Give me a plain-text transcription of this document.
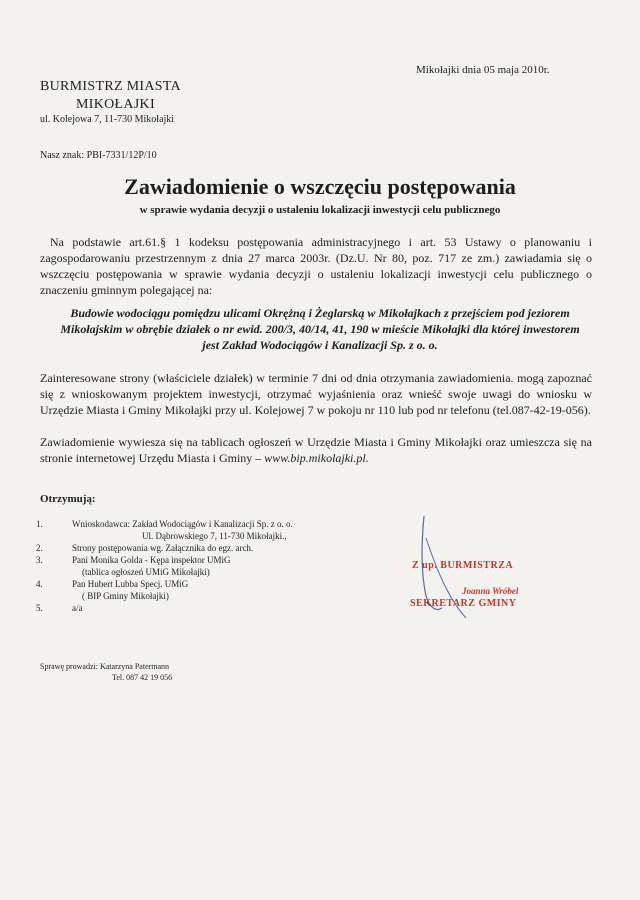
Mikołajki dnia 05 maja 2010r.
BURMISTRZ MIASTA
MIKOŁAJKI
ul. Kolejowa 7, 11-730 Mikołajki
Nasz znak: PBI-7331/12P/10
Zawiadomienie o wszczęciu postępowania
w sprawie wydania decyzji o ustaleniu lokalizacji inwestycji celu publicznego
Na podstawie art.61.§ 1 kodeksu postępowania administracyjnego i art. 53 Ustawy o planowaniu i zagospodarowaniu przestrzennym z dnia 27 marca 2003r. (Dz.U. Nr 80, poz. 717 ze zm.) zawiadamia się o wszczęciu postępowania w sprawie wydania decyzji o ustaleniu lokalizacji inwestycji celu publicznego o znaczeniu gminnym polegającej na:
Budowie wodociągu pomiędzu ulicami Okrężną i Żeglarską w Mikołajkach z przejściem pod jeziorem Mikołajskim w obrębie działek o nr ewid. 200/3, 40/14, 41, 190 w mieście Mikołajki dla której inwestorem jest Zakład Wodociągów i Kanalizacji Sp. z o. o.
Zainteresowane strony (właściciele działek) w terminie 7 dni od dnia otrzymania zawiadomienia. mogą zapoznać się z wnioskowanym projektem inwestycji, otrzymać wyjaśnienia oraz wnieść swoje uwagi do wniosku w Urzędzie Miasta i Gminy Mikołajki przy ul. Kolejowej 7 w pokoju nr 110 lub pod nr telefonu (tel.087-42-19-056).
Zawiadomienie wywiesza się na tablicach ogłoszeń w Urzędzie Miasta i Gminy Mikołajki oraz umieszcza się na stronie internetowej Urzędu Miasta i Gminy – www.bip.mikolajki.pl.
Otrzymują:
1.	Wnioskodawca: Zakład Wodociągów i Kanalizacji Sp. z o. o.
Ul. Dąbrowskiego 7, 11-730 Mikołajki.,
2.	Strony postępowania wg. Załącznika do egz. arch.
3.	Pani Monika Golda - Kępa inspektor UMiG
(tablica ogłoszeń UMiG Mikołajki)
4.	Pan Hubert Lubba Specj. UMiG
( BIP Gminy Mikołajki)
5.	a/a
Z up. BURMISTRZA
Joanna Wróbel
SEKRETARZ GMINY
Sprawę prowadzi: Katarzyna Patermann
Tel. 087 42 19 056
